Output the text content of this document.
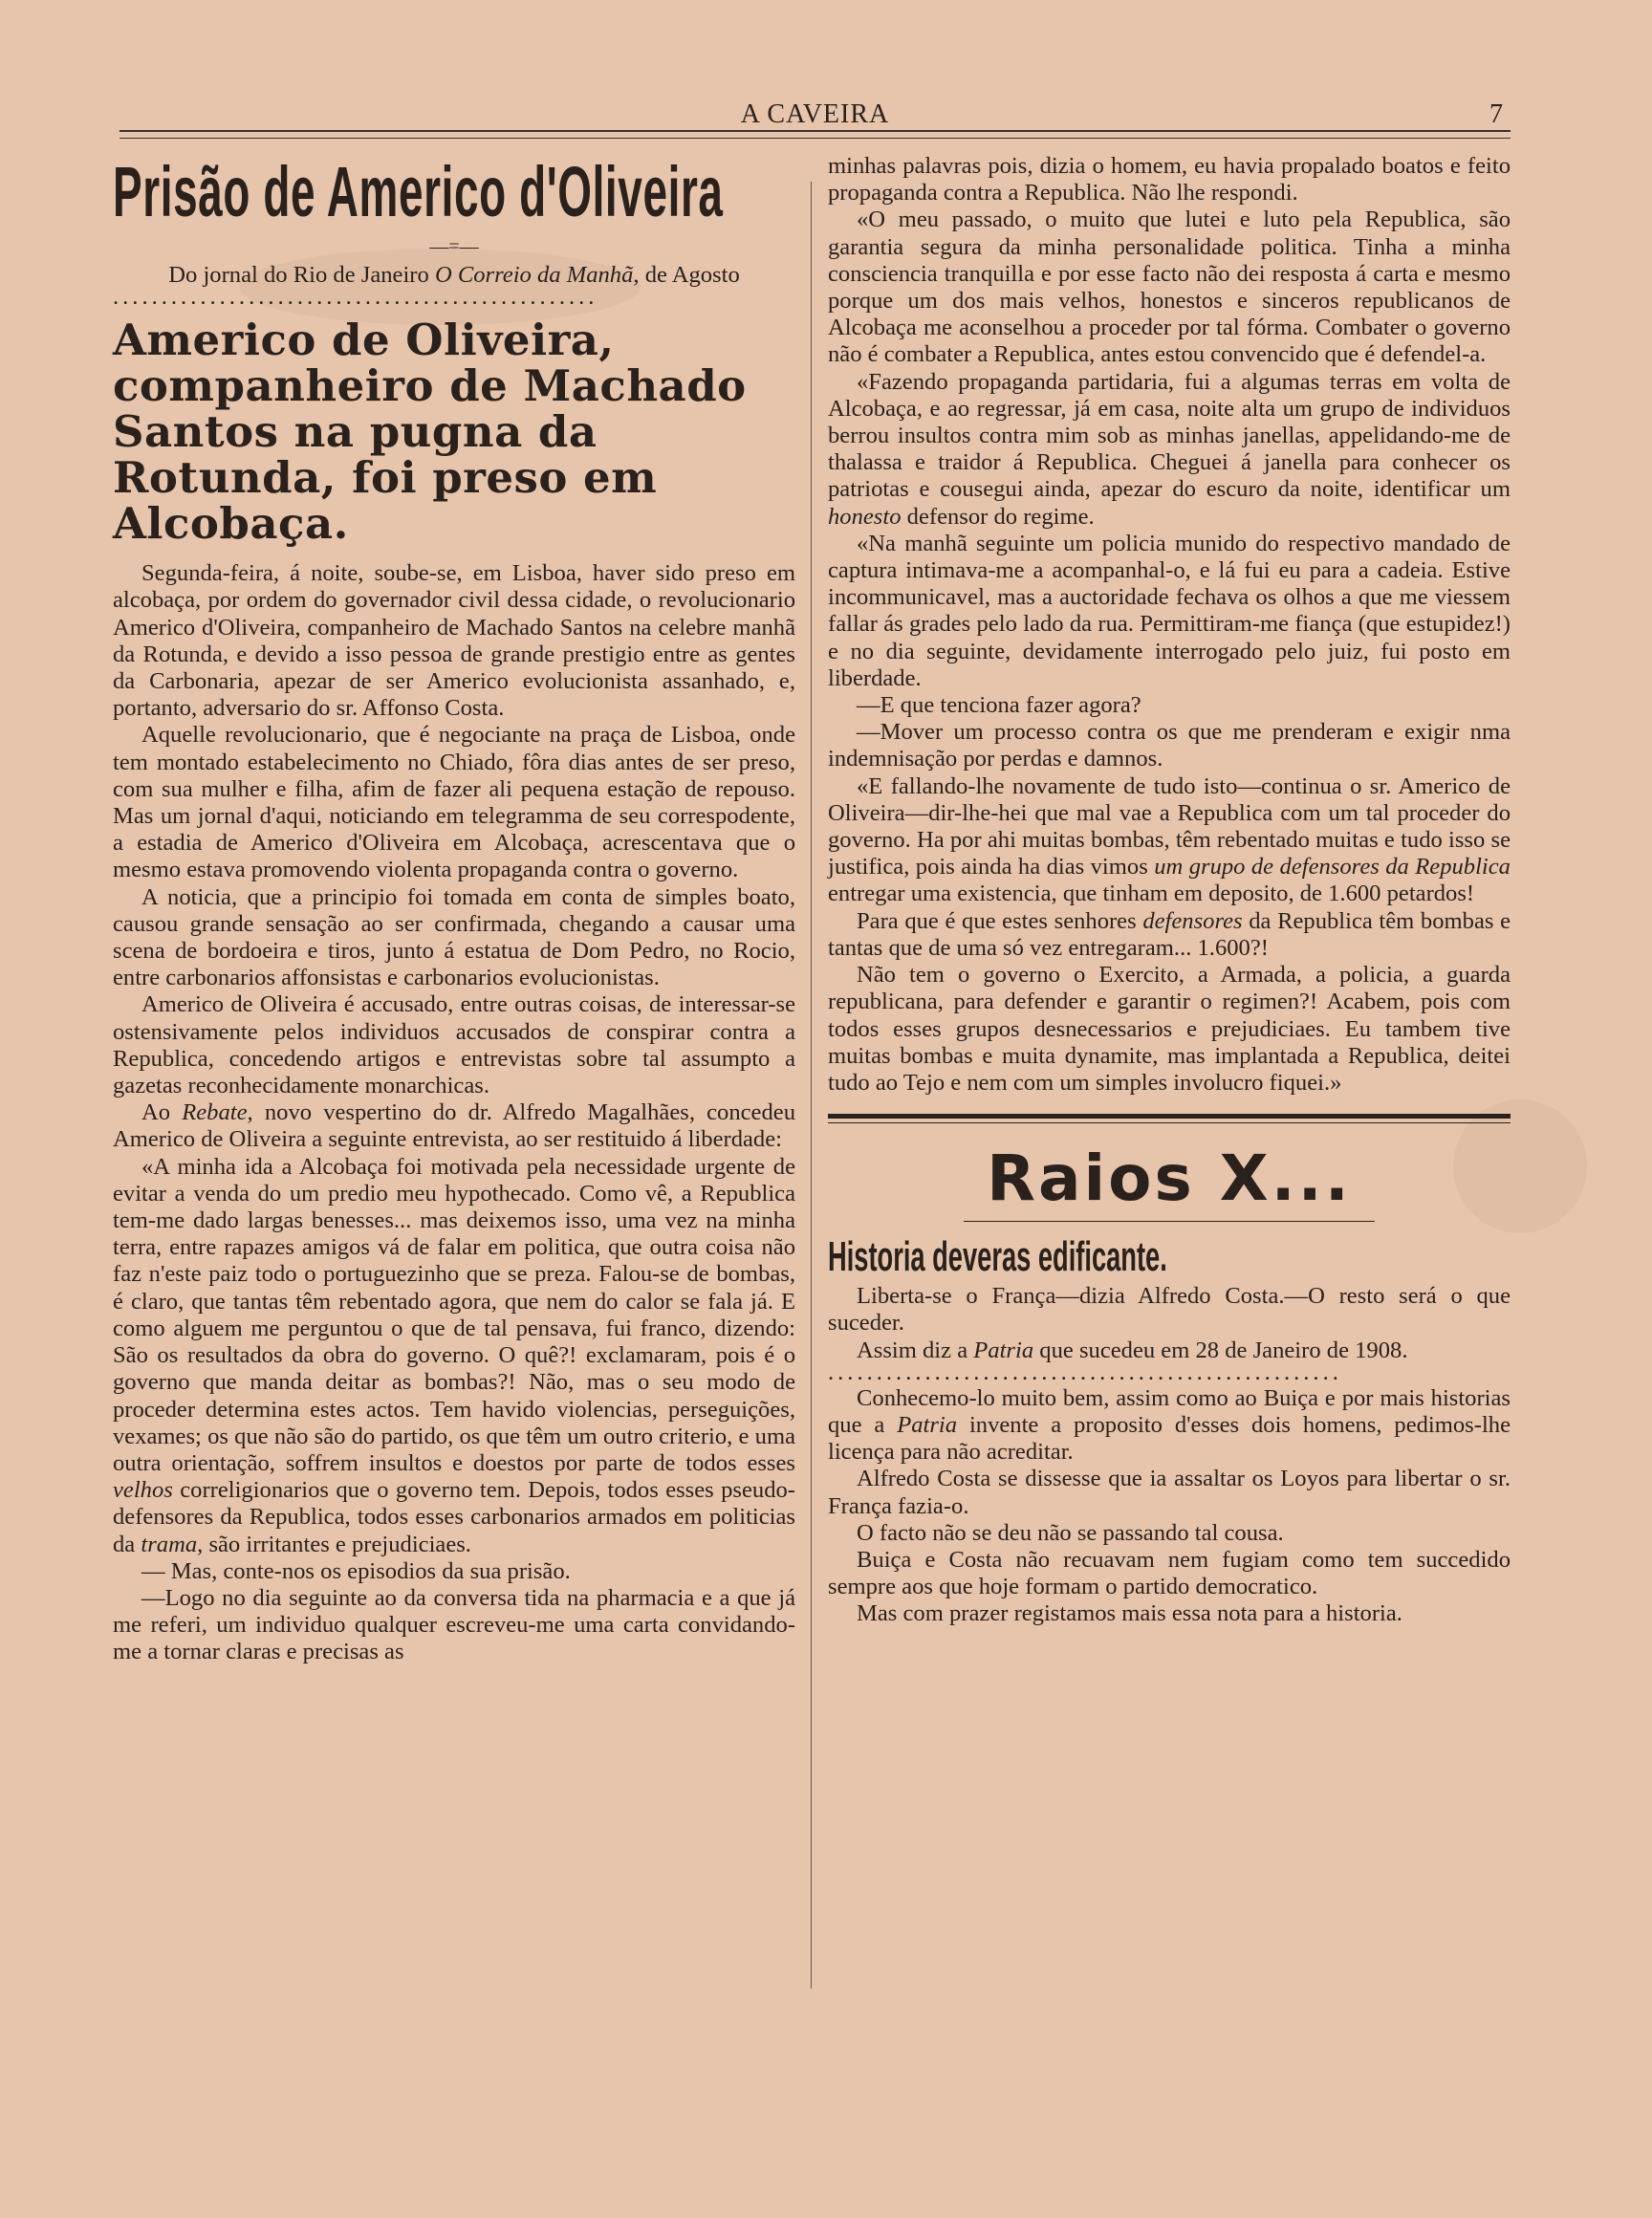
A CAVEIRA	7
Prisão de Americo d'Oliveira
—=—

Do jornal do Rio de Janeiro O Correio da Manhã, de Agosto

..................................................

Americo de Oliveira, companheiro de Machado Santos na pugna da Rotunda, foi preso em Alcobaça.

Segunda-feira, á noite, soube-se, em Lisboa, haver sido preso em alcobaça, por ordem do governador civil dessa cidade, o revolucionario Americo d'Oliveira, companheiro de Machado Santos na celebre manhã da Rotunda, e devido a isso pessoa de grande prestigio entre as gentes da Carbonaria, apezar de ser Americo evolucionista assanhado, e, portanto, adversario do sr. Affonso Costa.

Aquelle revolucionario, que é negociante na praça de Lisboa, onde tem montado estabelecimento no Chiado, fôra dias antes de ser preso, com sua mulher e filha, afim de fazer ali pequena estação de repouso. Mas um jornal d'aqui, noticiando em telegramma de seu correspodente, a estadia de Americo d'Oliveira em Alcobaça, acrescentava que o mesmo estava promovendo violenta propaganda contra o governo.

A noticia, que a principio foi tomada em conta de simples boato, causou grande sensação ao ser confirmada, chegando a causar uma scena de bordoeira e tiros, junto á estatua de Dom Pedro, no Rocio, entre carbonarios affonsistas e carbonarios evolucionistas.

Americo de Oliveira é accusado, entre outras coisas, de interessar-se ostensivamente pelos individuos accusados de conspirar contra a Republica, concedendo artigos e entrevistas sobre tal assumpto a gazetas reconhecidamente monarchicas.

Ao Rebate, novo vespertino do dr. Alfredo Magalhães, concedeu Americo de Oliveira a seguinte entrevista, ao ser restituido á liberdade:

«A minha ida a Alcobaça foi motivada pela necessidade urgente de evitar a venda do um predio meu hypothecado. Como vê, a Republica tem-me dado largas benesses... mas deixemos isso, uma vez na minha terra, entre rapazes amigos vá de falar em politica, que outra coisa não faz n'este paiz todo o portuguezinho que se preza. Falou-se de bombas, é claro, que tantas têm rebentado agora, que nem do calor se fala já. E como alguem me perguntou o que de tal pensava, fui franco, dizendo: São os resultados da obra do governo. O quê?! exclamaram, pois é o governo que manda deitar as bombas?! Não, mas o seu modo de proceder determina estes actos. Tem havido violencias, perseguições, vexames; os que não são do partido, os que têm um outro criterio, e uma outra orientação, soffrem insultos e doestos por parte de todos esses velhos correligionarios que o governo tem. Depois, todos esses pseudo-defensores da Republica, todos esses carbonarios armados em politicias da trama, são irritantes e prejudiciaes.

— Mas, conte-nos os episodios da sua prisão.

—Logo no dia seguinte ao da conversa tida na pharmacia e a que já me referi, um individuo qualquer escreveu-me uma carta convidando-me a tornar claras e precisas as

minhas palavras pois, dizia o homem, eu havia propalado boatos e feito propaganda contra a Republica. Não lhe respondi.

«O meu passado, o muito que lutei e luto pela Republica, são garantia segura da minha personalidade politica. Tinha a minha consciencia tranquilla e por esse facto não dei resposta á carta e mesmo porque um dos mais velhos, honestos e sinceros republicanos de Alcobaça me aconselhou a proceder por tal fórma. Combater o governo não é combater a Republica, antes estou convencido que é defendel-a.

«Fazendo propaganda partidaria, fui a algumas terras em volta de Alcobaça, e ao regressar, já em casa, noite alta um grupo de individuos berrou insultos contra mim sob as minhas janellas, appelidando-me de thalassa e traidor á Republica. Cheguei á janella para conhecer os patriotas e cousegui ainda, apezar do escuro da noite, identificar um honesto defensor do regime.

«Na manhã seguinte um policia munido do respectivo mandado de captura intimava-me a acompanhal-o, e lá fui eu para a cadeia. Estive incommunicavel, mas a auctoridade fechava os olhos a que me viessem fallar ás grades pelo lado da rua. Permittiram-me fiança (que estupidez!) e no dia seguinte, devidamente interrogado pelo juiz, fui posto em liberdade.

—E que tenciona fazer agora?

—Mover um processo contra os que me prenderam e exigir nma indemnisação por perdas e damnos.

«E fallando-lhe novamente de tudo isto—continua o sr. Americo de Oliveira—dir-lhe-hei que mal vae a Republica com um tal proceder do governo. Ha por ahi muitas bombas, têm rebentado muitas e tudo isso se justifica, pois ainda ha dias vimos um grupo de defensores da Republica entregar uma existencia, que tinham em deposito, de 1.600 petardos!

Para que é que estes senhores defensores da Republica têm bombas e tantas que de uma só vez entregaram... 1.600?!

Não tem o governo o Exercito, a Armada, a policia, a guarda republicana, para defender e garantir o regimen?! Acabem, pois com todos esses grupos desnecessarios e prejudiciaes. Eu tambem tive muitas bombas e muita dynamite, mas implantada a Republica, deitei tudo ao Tejo e nem com um simples involucro fiquei.»

Raios X...
Historia deveras edificante.

Liberta-se o França—dizia Alfredo Costa.—O resto será o que suceder.

Assim diz a Patria que sucedeu em 28 de Janeiro de 1908.

.....................................................

Conhecemo-lo muito bem, assim como ao Buiça e por mais historias que a Patria invente a proposito d'esses dois homens, pedimos-lhe licença para não acreditar.

Alfredo Costa se dissesse que ia assaltar os Loyos para libertar o sr. França fazia-o.

O facto não se deu não se passando tal cousa.

Buiça e Costa não recuavam nem fugiam como tem succedido sempre aos que hoje formam o partido democratico.

Mas com prazer registamos mais essa nota para a historia.
